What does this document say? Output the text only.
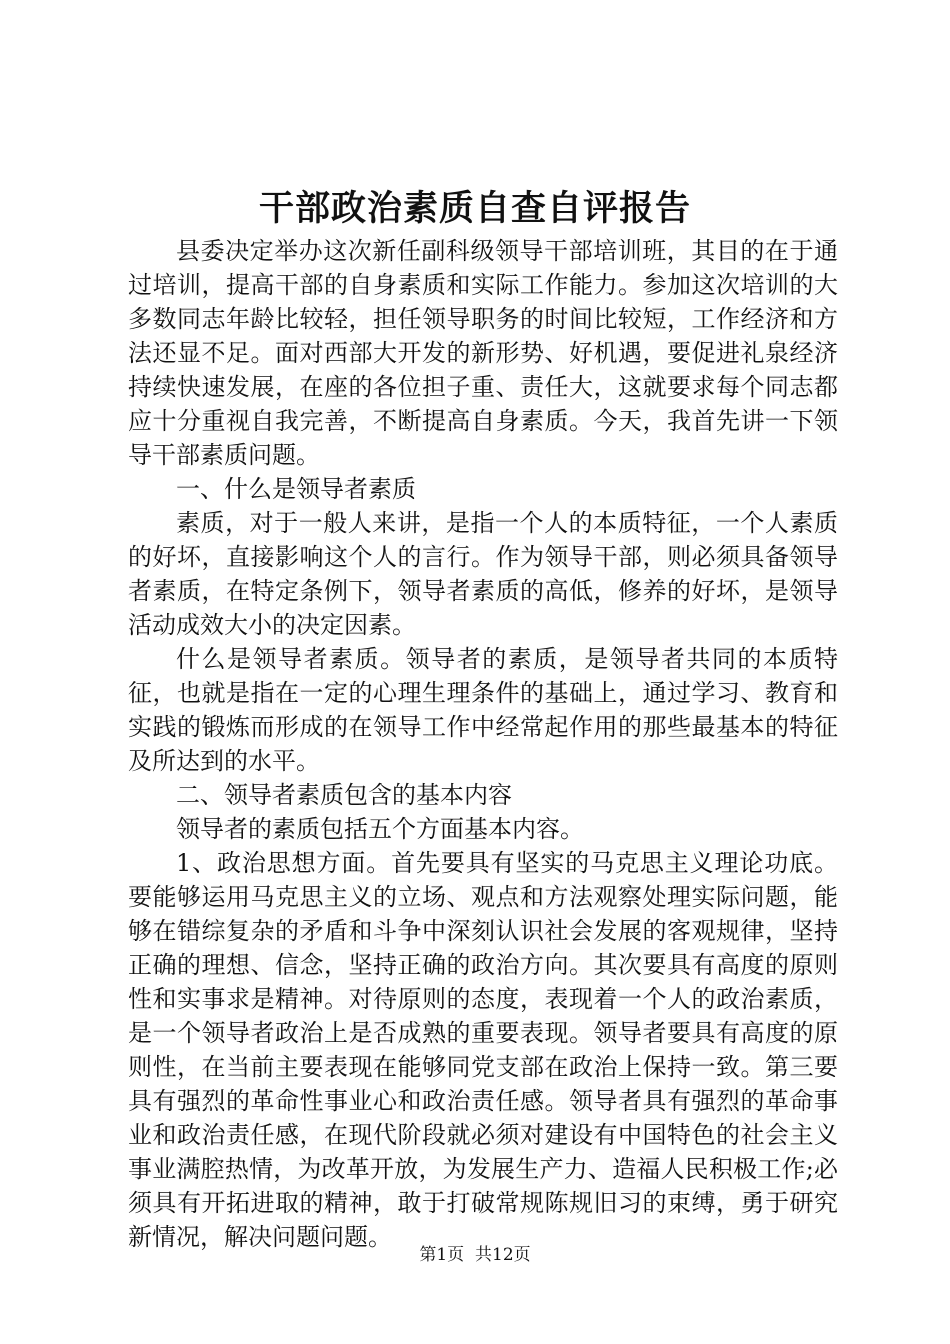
干部政治素质自查自评报告

县委决定举办这次新任副科级领导干部培训班，其目的在于通过培训，提高干部的自身素质和实际工作能力。参加这次培训的大多数同志年龄比较轻，担任领导职务的时间比较短，工作经济和方法还显不足。面对西部大开发的新形势、好机遇，要促进礼泉经济持续快速发展，在座的各位担子重、责任大，这就要求每个同志都应十分重视自我完善，不断提高自身素质。今天，我首先讲一下领导干部素质问题。

一、什么是领导者素质

素质，对于一般人来讲，是指一个人的本质特征，一个人素质的好坏，直接影响这个人的言行。作为领导干部，则必须具备领导者素质，在特定条例下，领导者素质的高低，修养的好坏，是领导活动成效大小的决定因素。

什么是领导者素质。领导者的素质，是领导者共同的本质特征，也就是指在一定的心理生理条件的基础上，通过学习、教育和实践的锻炼而形成的在领导工作中经常起作用的那些最基本的特征及所达到的水平。

二、领导者素质包含的基本内容

领导者的素质包括五个方面基本内容。

1、政治思想方面。首先要具有坚实的马克思主义理论功底。要能够运用马克思主义的立场、观点和方法观察处理实际问题，能够在错综复杂的矛盾和斗争中深刻认识社会发展的客观规律，坚持正确的理想、信念，坚持正确的政治方向。其次要具有高度的原则性和实事求是精神。对待原则的态度，表现着一个人的政治素质，是一个领导者政治上是否成熟的重要表现。领导者要具有高度的原则性，在当前主要表现在能够同党支部在政治上保持一致。第三要具有强烈的革命性事业心和政治责任感。领导者具有强烈的革命事业和政治责任感，在现代阶段就必须对建设有中国特色的社会主义事业满腔热情，为改革开放，为发展生产力、造福人民积极工作;必须具有开拓进取的精神，敢于打破常规陈规旧习的束缚，勇于研究新情况，解决问题问题。

第1页 共12页
